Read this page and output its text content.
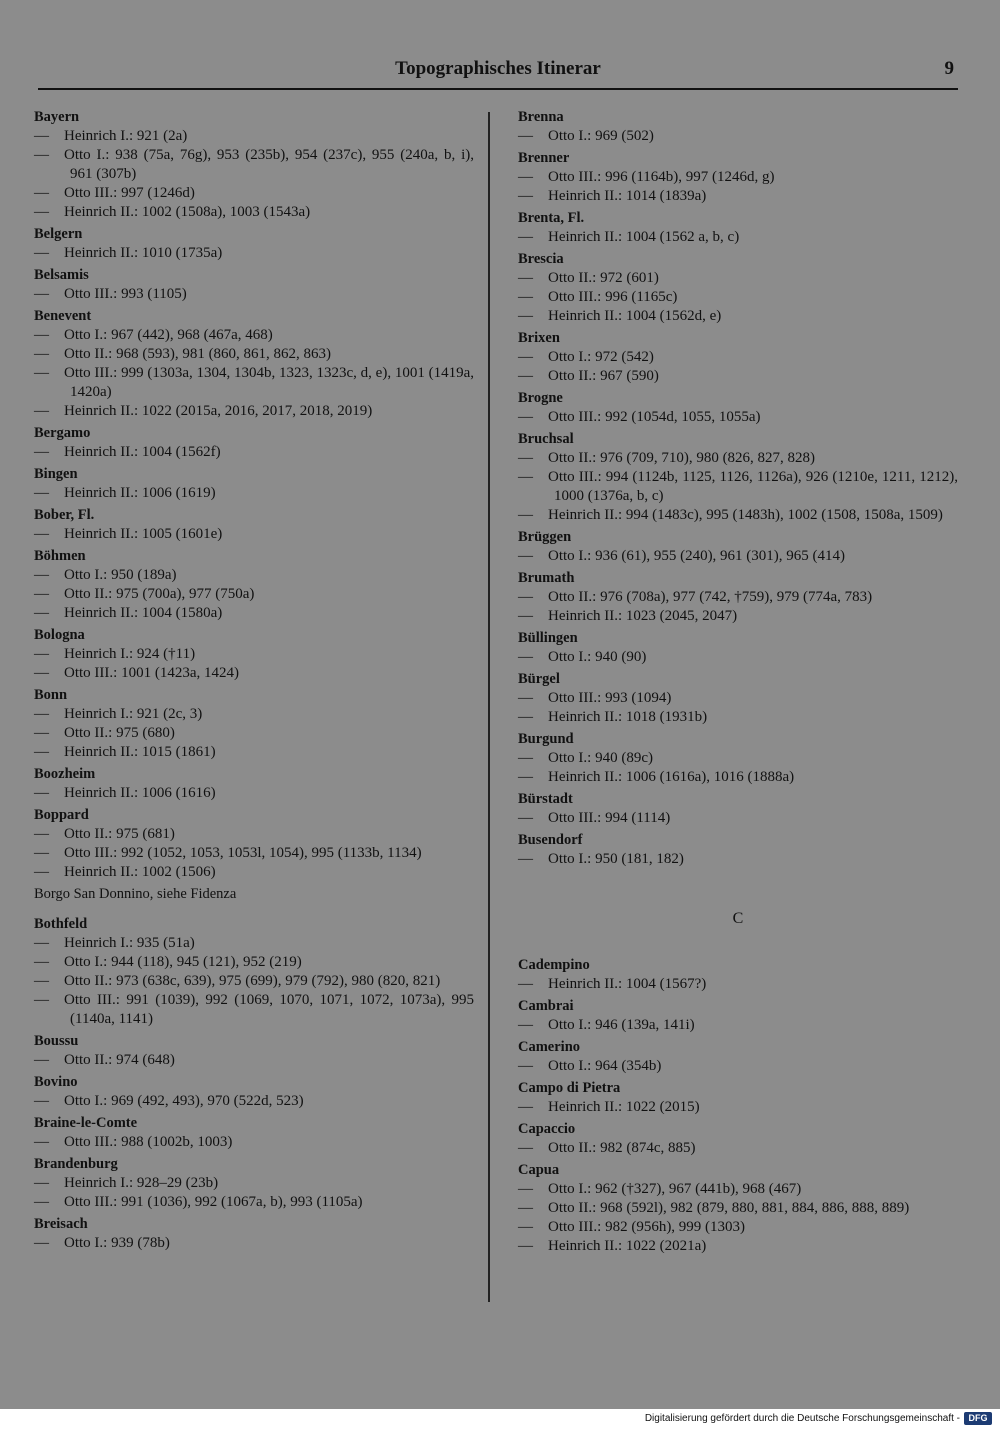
Topographisches Itinerar	9
Bayern
— Heinrich I.: 921 (2a)
— Otto I.: 938 (75a, 76g), 953 (235b), 954 (237c), 955 (240a, b, i), 961 (307b)
— Otto III.: 997 (1246d)
— Heinrich II.: 1002 (1508a), 1003 (1543a)
Belgern
— Heinrich II.: 1010 (1735a)
Belsamis
— Otto III.: 993 (1105)
Benevent
— Otto I.: 967 (442), 968 (467a, 468)
— Otto II.: 968 (593), 981 (860, 861, 862, 863)
— Otto III.: 999 (1303a, 1304, 1304b, 1323, 1323c, d, e), 1001 (1419a, 1420a)
— Heinrich II.: 1022 (2015a, 2016, 2017, 2018, 2019)
Bergamo
— Heinrich II.: 1004 (1562f)
Bingen
— Heinrich II.: 1006 (1619)
Bober, Fl.
— Heinrich II.: 1005 (1601e)
Böhmen
— Otto I.: 950 (189a)
— Otto II.: 975 (700a), 977 (750a)
— Heinrich II.: 1004 (1580a)
Bologna
— Heinrich I.: 924 (†11)
— Otto III.: 1001 (1423a, 1424)
Bonn
— Heinrich I.: 921 (2c, 3)
— Otto II.: 975 (680)
— Heinrich II.: 1015 (1861)
Boozheim
— Heinrich II.: 1006 (1616)
Boppard
— Otto II.: 975 (681)
— Otto III.: 992 (1052, 1053, 1053l, 1054), 995 (1133b, 1134)
— Heinrich II.: 1002 (1506)
Borgo San Donnino, siehe Fidenza
Bothfeld
— Heinrich I.: 935 (51a)
— Otto I.: 944 (118), 945 (121), 952 (219)
— Otto II.: 973 (638c, 639), 975 (699), 979 (792), 980 (820, 821)
— Otto III.: 991 (1039), 992 (1069, 1070, 1071, 1072, 1073a), 995 (1140a, 1141)
Boussu
— Otto II.: 974 (648)
Bovino
— Otto I.: 969 (492, 493), 970 (522d, 523)
Braine-le-Comte
— Otto III.: 988 (1002b, 1003)
Brandenburg
— Heinrich I.: 928–29 (23b)
— Otto III.: 991 (1036), 992 (1067a, b), 993 (1105a)
Breisach
— Otto I.: 939 (78b)
Brenna
— Otto I.: 969 (502)
Brenner
— Otto III.: 996 (1164b), 997 (1246d, g)
— Heinrich II.: 1014 (1839a)
Brenta, Fl.
— Heinrich II.: 1004 (1562 a, b, c)
Brescia
— Otto II.: 972 (601)
— Otto III.: 996 (1165c)
— Heinrich II.: 1004 (1562d, e)
Brixen
— Otto I.: 972 (542)
— Otto II.: 967 (590)
Brogne
— Otto III.: 992 (1054d, 1055, 1055a)
Bruchsal
— Otto II.: 976 (709, 710), 980 (826, 827, 828)
— Otto III.: 994 (1124b, 1125, 1126, 1126a), 926 (1210e, 1211, 1212), 1000 (1376a, b, c)
— Heinrich II.: 994 (1483c), 995 (1483h), 1002 (1508, 1508a, 1509)
Brüggen
— Otto I.: 936 (61), 955 (240), 961 (301), 965 (414)
Brumath
— Otto II.: 976 (708a), 977 (742, †759), 979 (774a, 783)
— Heinrich II.: 1023 (2045, 2047)
Büllingen
— Otto I.: 940 (90)
Bürgel
— Otto III.: 993 (1094)
— Heinrich II.: 1018 (1931b)
Burgund
— Otto I.: 940 (89c)
— Heinrich II.: 1006 (1616a), 1016 (1888a)
Bürstadt
— Otto III.: 994 (1114)
Busendorf
— Otto I.: 950 (181, 182)
C
Cadempino
— Heinrich II.: 1004 (1567?)
Cambrai
— Otto I.: 946 (139a, 141i)
Camerino
— Otto I.: 964 (354b)
Campo di Pietra
— Heinrich II.: 1022 (2015)
Capaccio
— Otto II.: 982 (874c, 885)
Capua
— Otto I.: 962 (†327), 967 (441b), 968 (467)
— Otto II.: 968 (592l), 982 (879, 880, 881, 884, 886, 888, 889)
— Otto III.: 982 (956h), 999 (1303)
— Heinrich II.: 1022 (2021a)
Digitalisierung gefördert durch die Deutsche Forschungsgemeinschaft - DFG
